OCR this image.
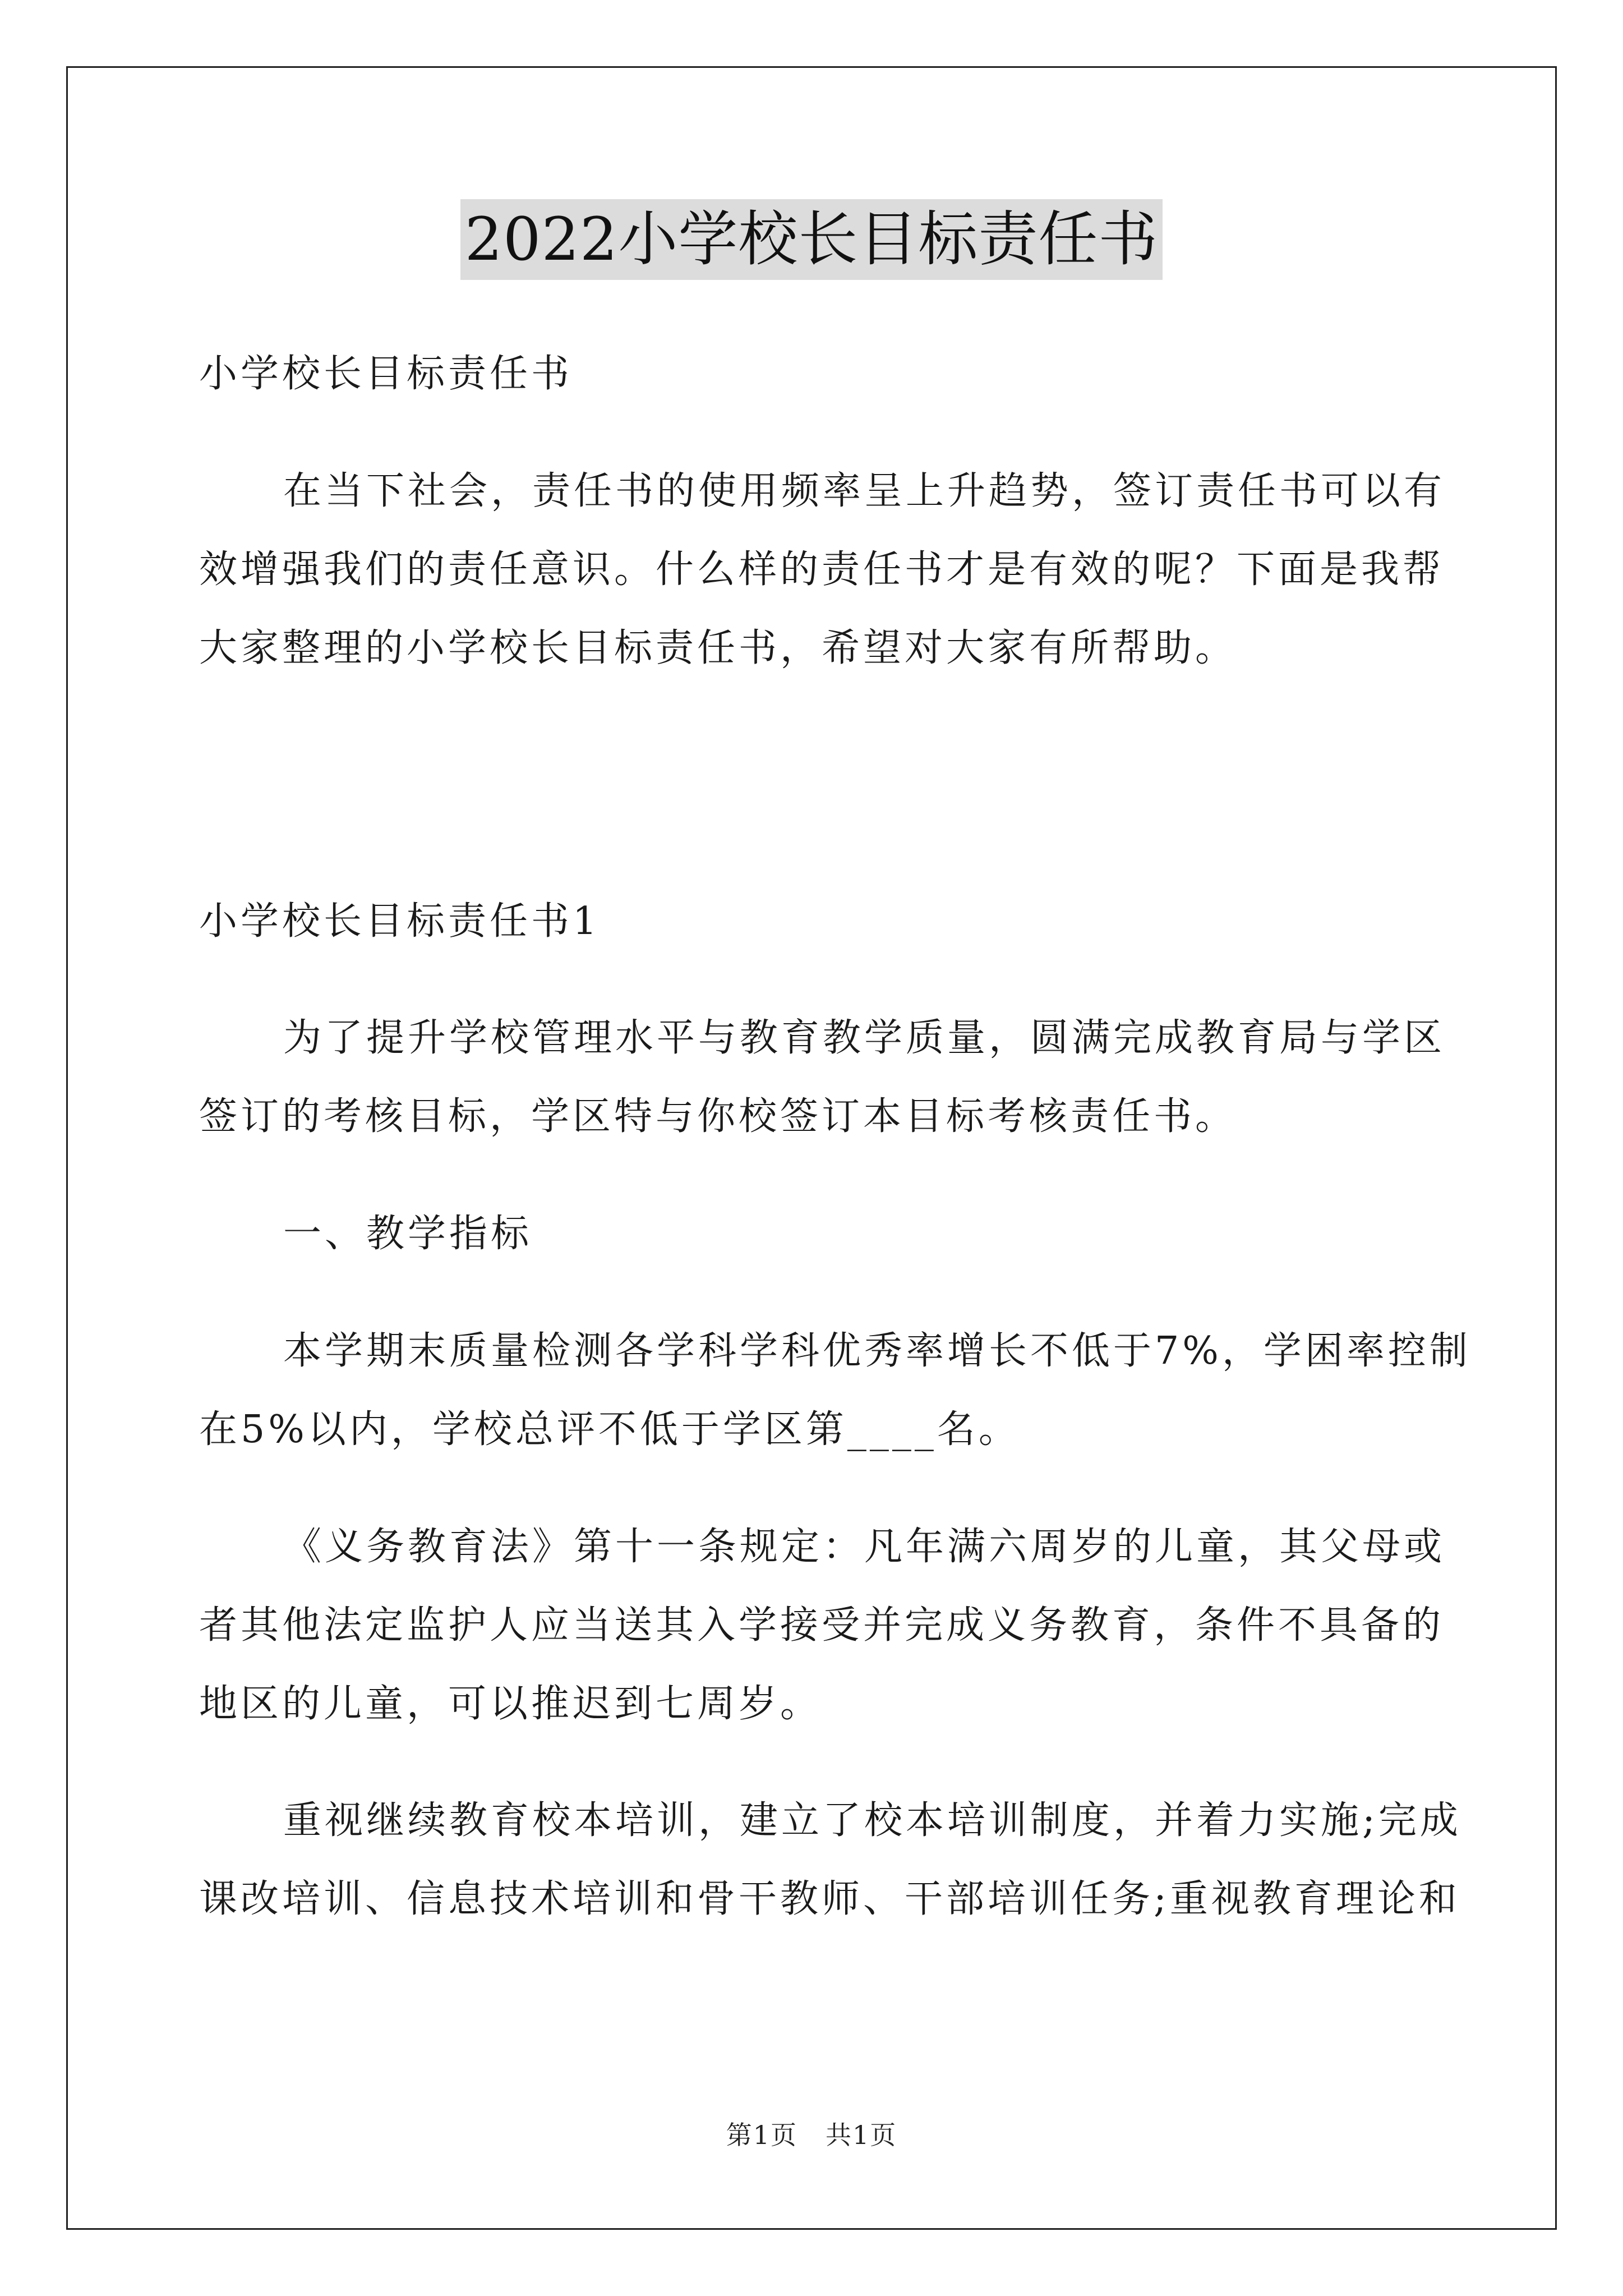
2022小学校长目标责任书

小学校长目标责任书

在当下社会，责任书的使用频率呈上升趋势，签订责任书可以有
效增强我们的责任意识。什么样的责任书才是有效的呢？下面是我帮
大家整理的小学校长目标责任书，希望对大家有所帮助。

小学校长目标责任书1

为了提升学校管理水平与教育教学质量，圆满完成教育局与学区
签订的考核目标，学区特与你校签订本目标考核责任书。

一、教学指标

本学期末质量检测各学科学科优秀率增长不低于7%，学困率控制
在5%以内，学校总评不低于学区第____名。

《义务教育法》第十一条规定：凡年满六周岁的儿童，其父母或
者其他法定监护人应当送其入学接受并完成义务教育，条件不具备的
地区的儿童，可以推迟到七周岁。

重视继续教育校本培训，建立了校本培训制度，并着力实施;完成
课改培训、信息技术培训和骨干教师、干部培训任务;重视教育理论和

第1页 共1页
